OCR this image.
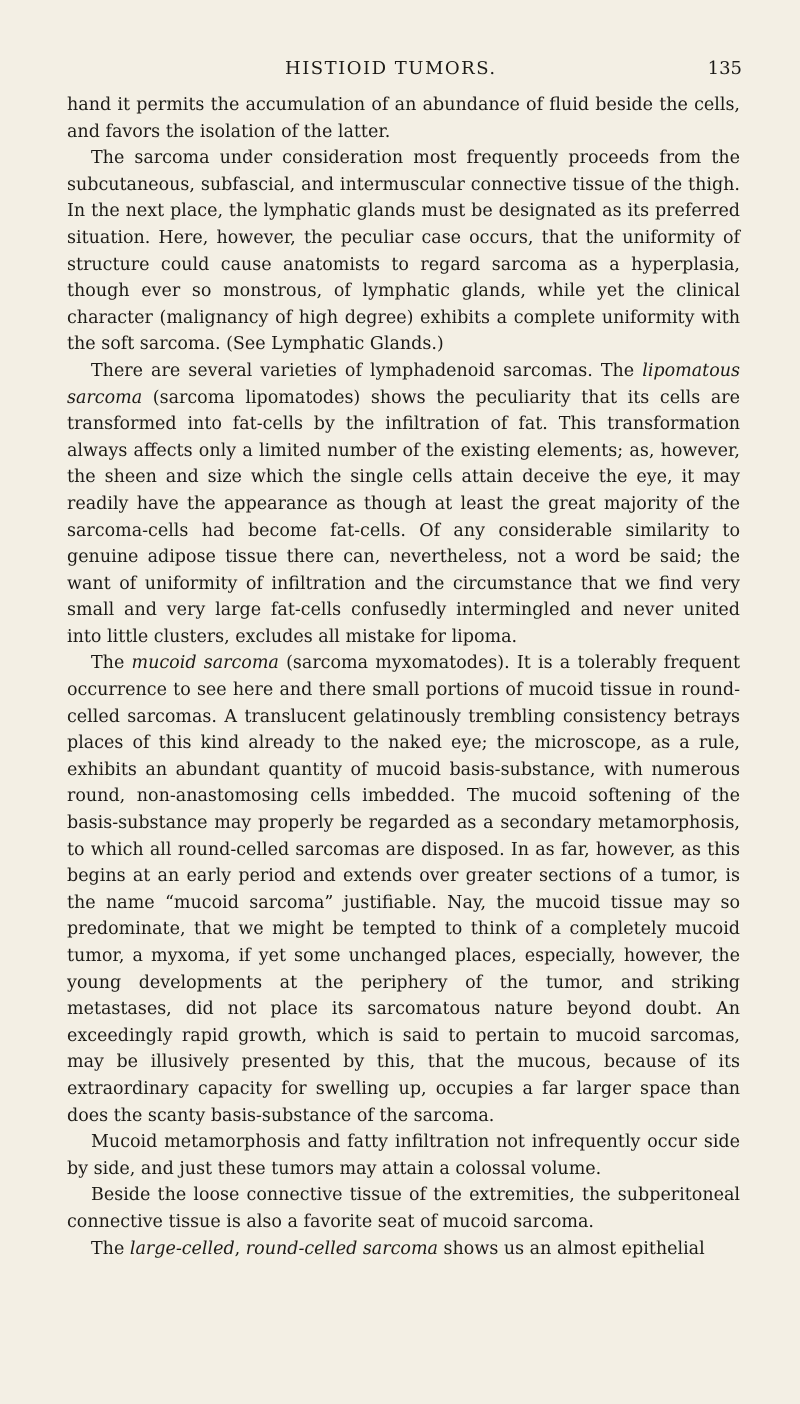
HISTIOID TUMORS.	135

hand it permits the accumulation of an abundance of fluid beside the cells, and favors the isolation of the latter.

The sarcoma under consideration most frequently proceeds from the subcutaneous, subfascial, and intermuscular connective tissue of the thigh. In the next place, the lymphatic glands must be designated as its preferred situation. Here, however, the peculiar case occurs, that the uniformity of structure could cause anatomists to regard sarcoma as a hyperplasia, though ever so monstrous, of lymphatic glands, while yet the clinical character (malignancy of high degree) exhibits a complete uniformity with the soft sarcoma. (See Lymphatic Glands.)

There are several varieties of lymphadenoid sarcomas. The lipomatous sarcoma (sarcoma lipomatodes) shows the peculiarity that its cells are transformed into fat-cells by the infiltration of fat. This transformation always affects only a limited number of the existing elements; as, however, the sheen and size which the single cells attain deceive the eye, it may readily have the appearance as though at least the great majority of the sarcoma-cells had become fat-cells. Of any considerable similarity to genuine adipose tissue there can, nevertheless, not a word be said; the want of uniformity of infiltration and the circumstance that we find very small and very large fat-cells confusedly intermingled and never united into little clusters, excludes all mistake for lipoma.

The mucoid sarcoma (sarcoma myxomatodes). It is a tolerably frequent occurrence to see here and there small portions of mucoid tissue in round-celled sarcomas. A translucent gelatinously trembling consistency betrays places of this kind already to the naked eye; the microscope, as a rule, exhibits an abundant quantity of mucoid basis-substance, with numerous round, non-anastomosing cells imbedded. The mucoid softening of the basis-substance may properly be regarded as a secondary metamorphosis, to which all round-celled sarcomas are disposed. In as far, however, as this begins at an early period and extends over greater sections of a tumor, is the name “mucoid sarcoma” justifiable. Nay, the mucoid tissue may so predominate, that we might be tempted to think of a completely mucoid tumor, a myxoma, if yet some unchanged places, especially, however, the young developments at the periphery of the tumor, and striking metastases, did not place its sarcomatous nature beyond doubt. An exceedingly rapid growth, which is said to pertain to mucoid sarcomas, may be illusively presented by this, that the mucous, because of its extraordinary capacity for swelling up, occupies a far larger space than does the scanty basis-substance of the sarcoma.

Mucoid metamorphosis and fatty infiltration not infrequently occur side by side, and just these tumors may attain a colossal volume.

Beside the loose connective tissue of the extremities, the subperitoneal connective tissue is also a favorite seat of mucoid sarcoma.

The large-celled, round-celled sarcoma shows us an almost epithelial
